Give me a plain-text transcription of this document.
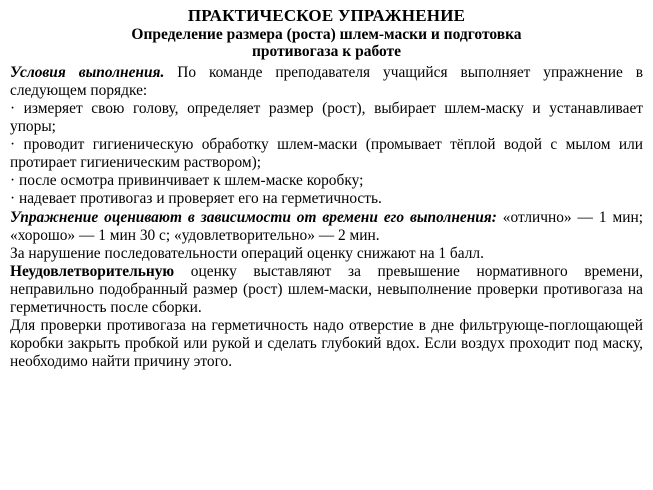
ПРАКТИЧЕСКОЕ УПРАЖНЕНИЕ
Определение размера (роста) шлем-маски и подготовка
противогаза к работе

Условия выполнения. По команде преподавателя учащийся выполняет упражнение в следующем порядке:

· измеряет свою голову, определяет размер (рост), выбирает шлем-маску и устанавливает упоры;

· проводит гигиеническую обработку шлем-маски (промывает тёплой водой с мылом или протирает гигиеническим раствором);

· после осмотра привинчивает к шлем-маске коробку;

· надевает противогаз и проверяет его на герметичность.

Упражнение оценивают в зависимости от времени его выполнения: «отлично» — 1 мин; «хорошо» — 1 мин 30 с; «удовлетворительно» — 2 мин.

За нарушение последовательности операций оценку снижают на 1 балл.

Неудовлетворительную оценку выставляют за превышение нормативного времени, неправильно подобранный размер (рост) шлем-маски, невыполнение проверки противогаза на герметичность после сборки.

Для проверки противогаза на герметичность надо отверстие в дне фильтрующе-поглощающей коробки закрыть пробкой или рукой и сделать глубокий вдох. Если воздух проходит под маску, необходимо найти причину этого.
